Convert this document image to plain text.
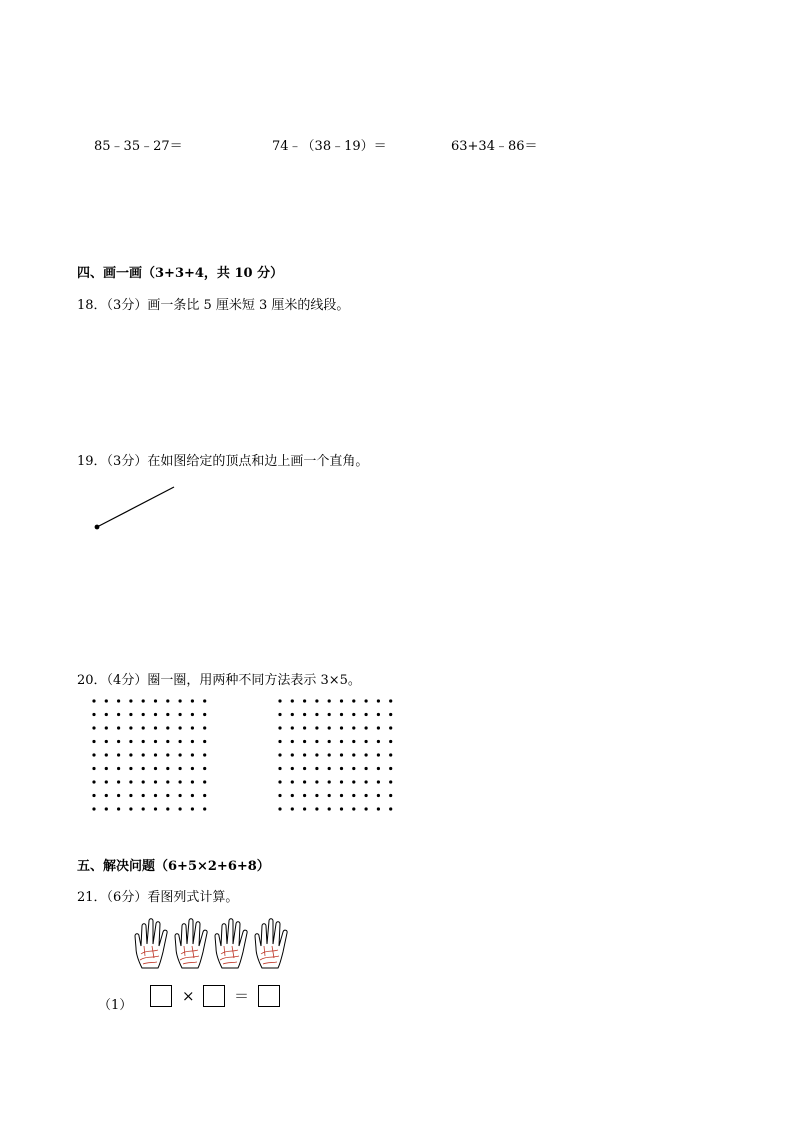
85﹣35﹣27＝	74﹣（38﹣19）＝	63+34﹣86＝
四、画一画（3+3+4，共 10 分）
18．（3分）画一条比 5 厘米短 3 厘米的线段。
19．（3分）在如图给定的顶点和边上画一个直角。
20．（4分）圈一圈，用两种不同方法表示 3×5。
五、解决问题（6+5×2+6+8）
21．（6分）看图列式计算。
（1）
×	＝
